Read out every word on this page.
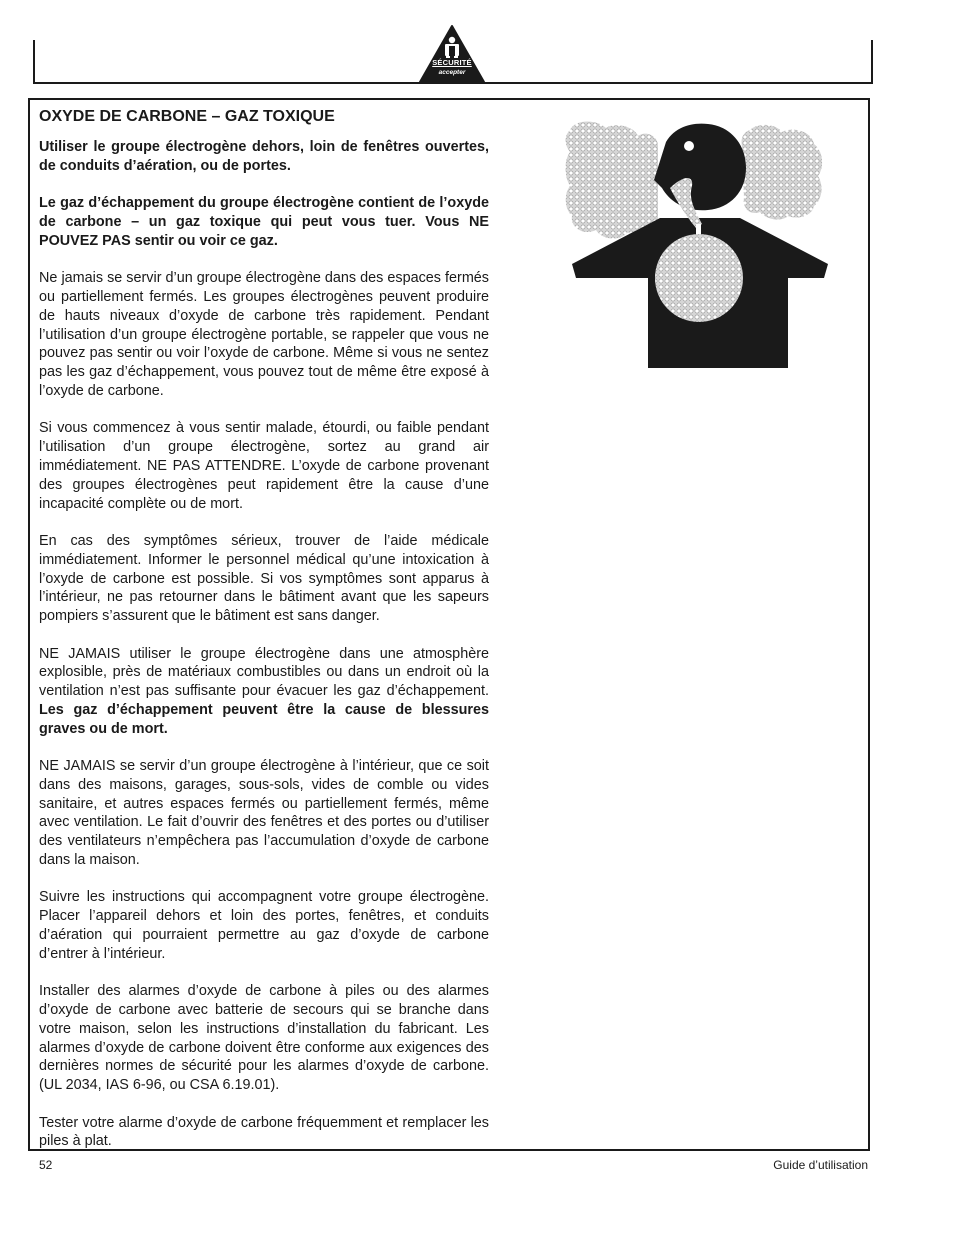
SÉCURITÉ
accepter
OXYDE DE CARBONE – GAZ TOXIQUE

Utiliser le groupe électrogène dehors, loin de fenêtres ouvertes, de conduits d’aération, ou de portes.

Le gaz d’échappement du groupe électrogène contient de l’oxyde de carbone – un gaz toxique qui peut vous tuer. Vous NE POUVEZ PAS sentir ou voir ce gaz.

Ne jamais se servir d’un groupe électrogène dans des espaces fermés ou partiellement fermés. Les groupes électrogènes peuvent produire de hauts niveaux d’oxyde de carbone très rapidement. Pendant l’utilisation d’un groupe électrogène portable, se rappeler que vous ne pouvez pas sentir ou voir l’oxyde de carbone. Même si vous ne sentez pas les gaz d’échappement, vous pouvez tout de même être exposé à l’oxyde de carbone.

Si vous commencez à vous sentir malade, étourdi, ou faible pendant l’utilisation d’un groupe électrogène, sortez au grand air immédiatement. NE PAS ATTENDRE. L’oxyde de carbone provenant des groupes électrogènes peut rapidement être la cause d’une incapacité complète ou de mort.

En cas des symptômes sérieux, trouver de l’aide médicale immédiatement. Informer le personnel médical qu’une intoxication à l’oxyde de carbone est possible. Si vos symptômes sont apparus à l’intérieur, ne pas retourner dans le bâtiment avant que les sapeurs pompiers s’assurent que le bâtiment est sans danger.

NE JAMAIS utiliser le groupe électrogène dans une atmosphère explosible, près de matériaux combustibles ou dans un endroit où la ventilation n’est pas suffisante pour évacuer les gaz d’échappement. Les gaz d’échappement peuvent être la cause de blessures graves ou de mort.

NE JAMAIS se servir d’un groupe électrogène à l’intérieur, que ce soit dans des maisons, garages, sous-sols, vides de comble ou vides sanitaire, et autres espaces fermés ou partiellement fermés, même avec ventilation. Le fait d’ouvrir des fenêtres et des portes ou d’utiliser des ventilateurs n’empêchera pas l’accumulation d’oxyde de carbone dans la maison.

Suivre les instructions qui accompagnent votre groupe électrogène. Placer l’appareil dehors et loin des portes, fenêtres, et conduits d’aération qui pourraient permettre au gaz d’oxyde de carbone d’entrer à l’intérieur.

Installer des alarmes d’oxyde de carbone à piles ou des alarmes d’oxyde de carbone avec batterie de secours qui se branche dans votre maison, selon les instructions d’installation du fabricant. Les alarmes d’oxyde de carbone doivent être conforme aux exigences des dernières normes de sécurité pour les alarmes d’oxyde de carbone. (UL 2034, IAS 6-96, ou CSA 6.19.01).

Tester votre alarme d’oxyde de carbone fréquemment et remplacer les piles à plat.

52	Guide d’utilisation
